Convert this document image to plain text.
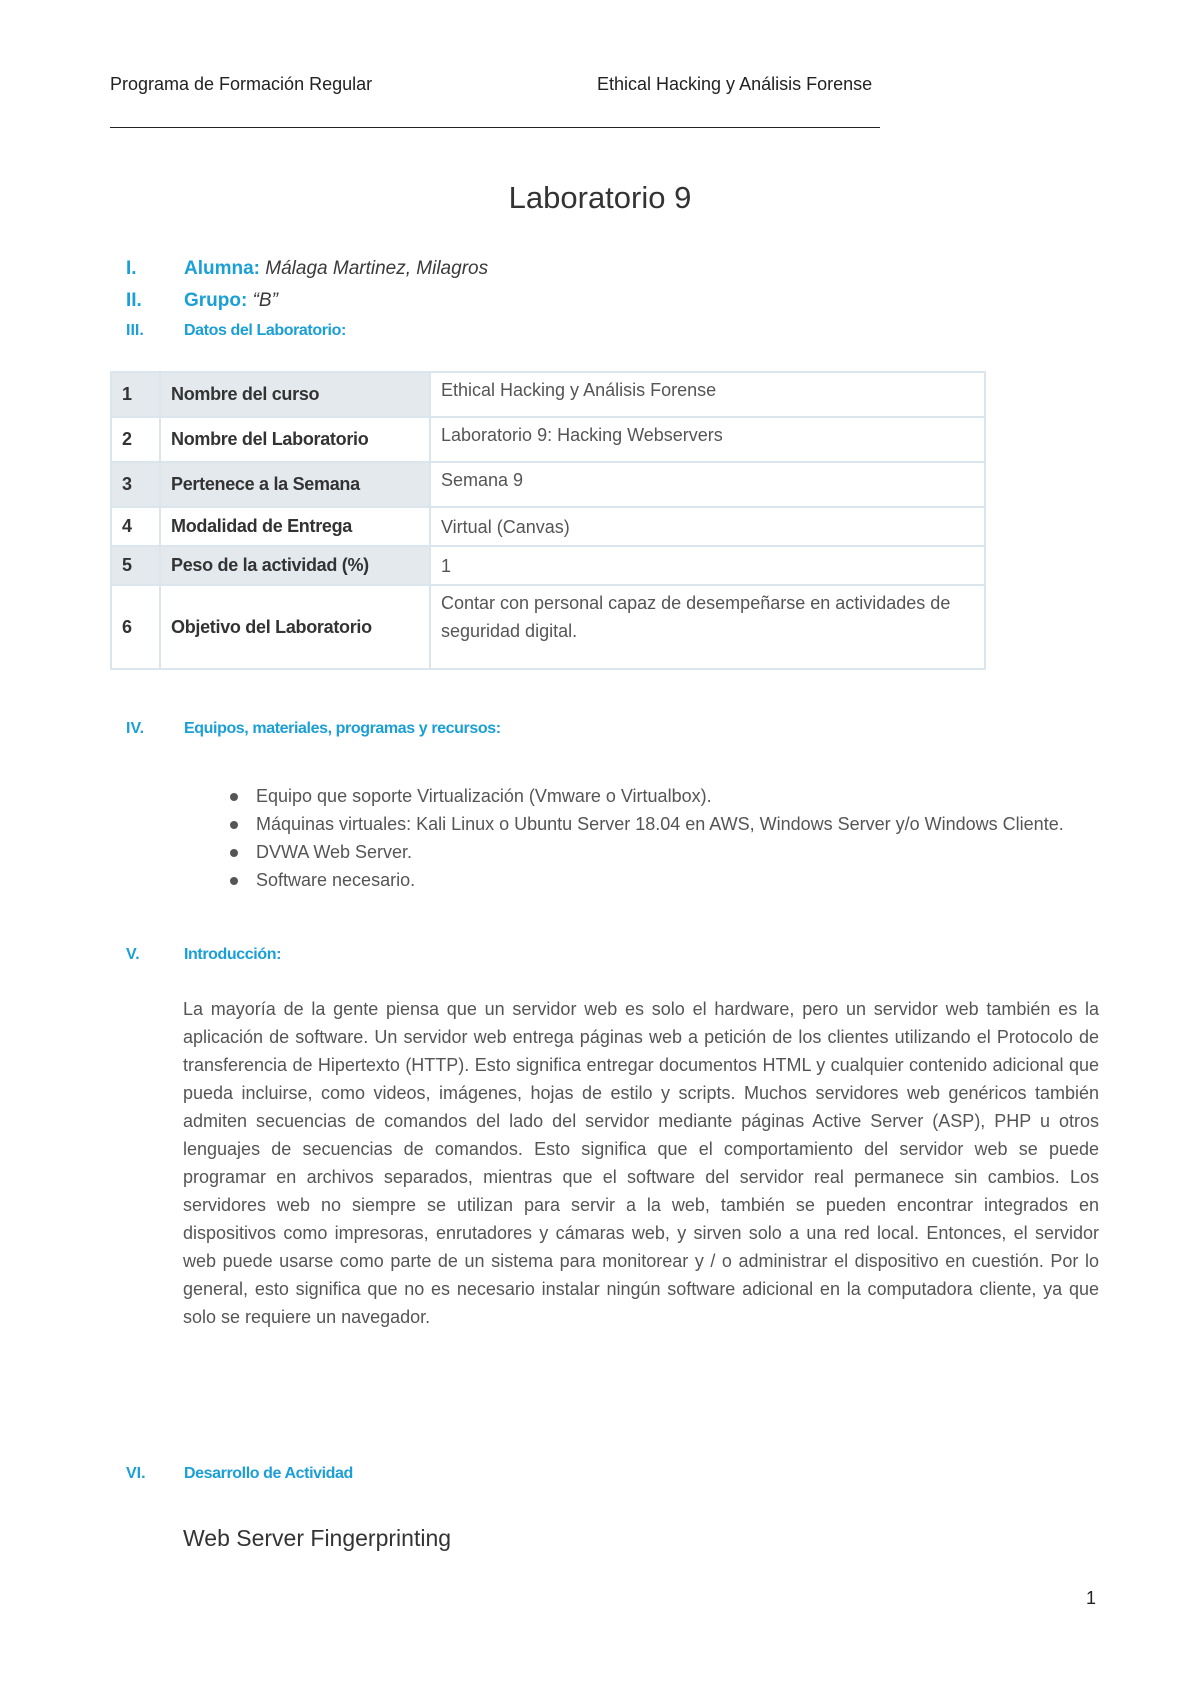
Programa de Formación Regular	Ethical Hacking y Análisis Forense
Laboratorio 9
I.	Alumna: Málaga Martinez, Milagros
II.	Grupo: “B”
III.	Datos del Laboratorio:
1	Nombre del curso	Ethical Hacking y Análisis Forense
2	Nombre del Laboratorio	Laboratorio 9: Hacking Webservers
3	Pertenece a la Semana	Semana 9
4	Modalidad de Entrega	Virtual (Canvas)
5	Peso de la actividad (%)	1
6	Objetivo del Laboratorio	Contar con personal capaz de desempeñarse en actividades de seguridad digital.
IV.	Equipos, materiales, programas y recursos:
Equipo que soporte Virtualización (Vmware o Virtualbox).
Máquinas virtuales: Kali Linux o Ubuntu Server 18.04 en AWS, Windows Server y/o Windows Cliente.
DVWA Web Server.
Software necesario.
V.	Introducción:

La mayoría de la gente piensa que un servidor web es solo el hardware, pero un servidor web también es la aplicación de software. Un servidor web entrega páginas web a petición de los clientes utilizando el Protocolo de transferencia de Hipertexto (HTTP). Esto significa entregar documentos HTML y cualquier contenido adicional que pueda incluirse, como videos, imágenes, hojas de estilo y scripts. Muchos servidores web genéricos también admiten secuencias de comandos del lado del servidor mediante páginas Active Server (ASP), PHP u otros lenguajes de secuencias de comandos. Esto significa que el comportamiento del servidor web se puede programar en archivos separados, mientras que el software del servidor real permanece sin cambios. Los servidores web no siempre se utilizan para servir a la web, también se pueden encontrar integrados en dispositivos como impresoras, enrutadores y cámaras web, y sirven solo a una red local. Entonces, el servidor web puede usarse como parte de un sistema para monitorear y / o administrar el dispositivo en cuestión. Por lo general, esto significa que no es necesario instalar ningún software adicional en la computadora cliente, ya que solo se requiere un navegador.

VI.	Desarrollo de Actividad
Web Server Fingerprinting
1
